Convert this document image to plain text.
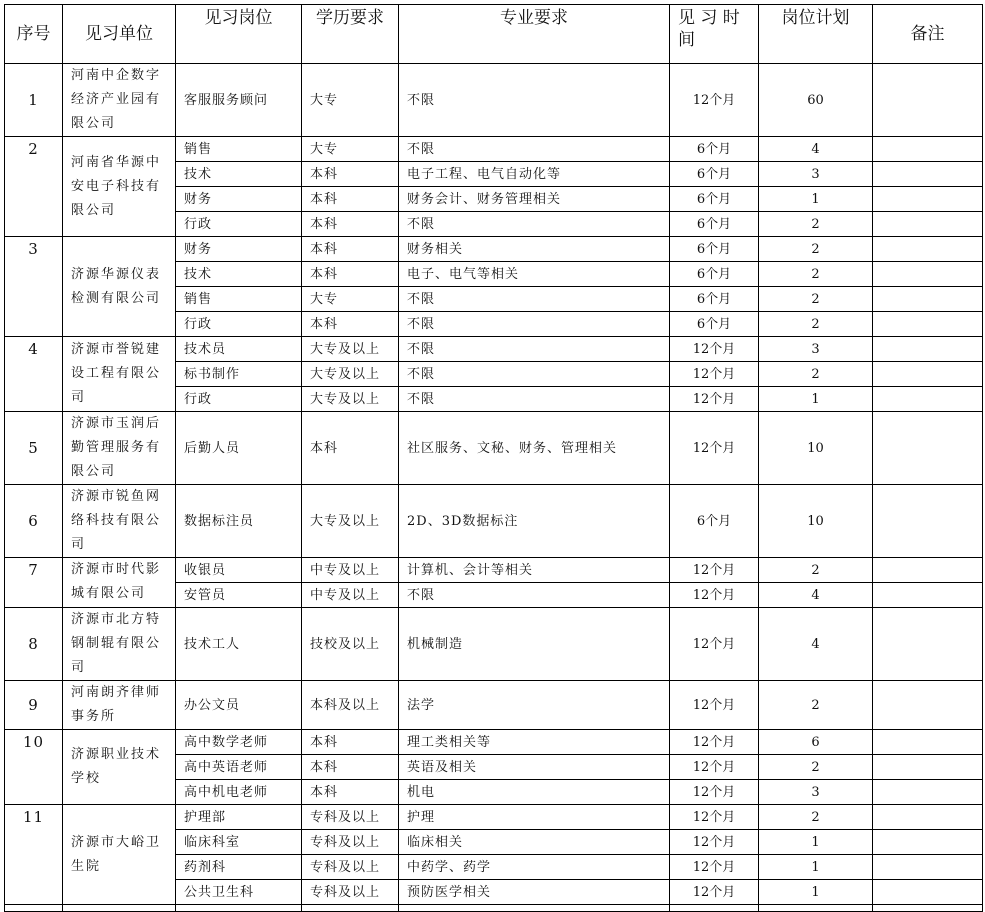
序号	见习单位	见习岗位	学历要求	专业要求	见 习 时间	岗位计划	备注
1	河南中企数字经济产业园有限公司	客服服务顾问	大专	不限	12个月	60	
2	河南省华源中安电子科技有限公司	销售	大专	不限	6个月	4	
		技术	本科	电子工程、电气自动化等	6个月	3	
		财务	本科	财务会计、财务管理相关	6个月	1	
		行政	本科	不限	6个月	2	
3	济源华源仪表检测有限公司	财务	本科	财务相关	6个月	2	
		技术	本科	电子、电气等相关	6个月	2	
		销售	大专	不限	6个月	2	
		行政	本科	不限	6个月	2	
4	济源市誉锐建设工程有限公司	技术员	大专及以上	不限	12个月	3	
		标书制作	大专及以上	不限	12个月	2	
		行政	大专及以上	不限	12个月	1	
5	济源市玉润后勤管理服务有限公司	后勤人员	本科	社区服务、文秘、财务、管理相关	12个月	10	
6	济源市锐鱼网络科技有限公司	数据标注员	大专及以上	2D、3D数据标注	6个月	10	
7	济源市时代影城有限公司	收银员	中专及以上	计算机、会计等相关	12个月	2	
		安管员	中专及以上	不限	12个月	4	
8	济源市北方特钢制辊有限公司	技术工人	技校及以上	机械制造	12个月	4	
9	河南朗齐律师事务所	办公文员	本科及以上	法学	12个月	2	
10	济源职业技术学校	高中数学老师	本科	理工类相关等	12个月	6	
		高中英语老师	本科	英语及相关	12个月	2	
		高中机电老师	本科	机电	12个月	3	
11	济源市大峪卫生院	护理部	专科及以上	护理	12个月	2	
		临床科室	专科及以上	临床相关	12个月	1	
		药剂科	专科及以上	中药学、药学	12个月	1	
		公共卫生科	专科及以上	预防医学相关	12个月	1	
